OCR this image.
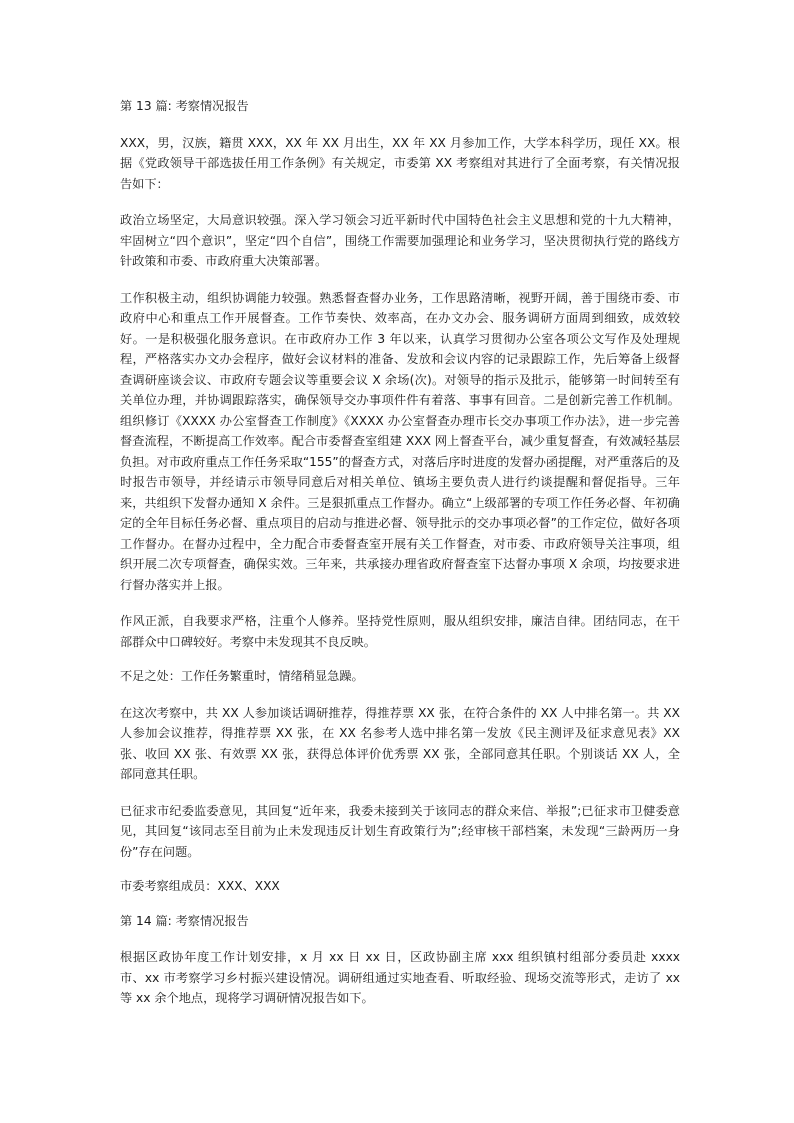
第 13 篇: 考察情况报告

XXX，男，汉族，籍贯 XXX，XX 年 XX 月出生，XX 年 XX 月参加工作，大学本科学历，现任 XX。根据《党政领导干部选拔任用工作条例》有关规定，市委第 XX 考察组对其进行了全面考察，有关情况报告如下：

政治立场坚定，大局意识较强。深入学习领会习近平新时代中国特色社会主义思想和党的十九大精神，牢固树立“四个意识”，坚定“四个自信”，围绕工作需要加强理论和业务学习，坚决贯彻执行党的路线方针政策和市委、市政府重大决策部署。

工作积极主动，组织协调能力较强。熟悉督查督办业务，工作思路清晰，视野开阔，善于围绕市委、市政府中心和重点工作开展督查。工作节奏快、效率高，在办文办会、服务调研方面周到细致，成效较好。一是积极强化服务意识。在市政府办工作 3 年以来，认真学习贯彻办公室各项公文写作及处理规程，严格落实办文办会程序，做好会议材料的准备、发放和会议内容的记录跟踪工作，先后筹备上级督查调研座谈会议、市政府专题会议等重要会议 X 余场(次)。对领导的指示及批示，能够第一时间转至有关单位办理，并协调跟踪落实，确保领导交办事项件件有着落、事事有回音。二是创新完善工作机制。组织修订《XXXX 办公室督查工作制度》《XXXX 办公室督查办理市长交办事项工作办法》，进一步完善督查流程，不断提高工作效率。配合市委督查室组建 XXX 网上督查平台，减少重复督查，有效减轻基层负担。对市政府重点工作任务采取“155”的督查方式，对落后序时进度的发督办函提醒，对严重落后的及时报告市领导，并经请示市领导同意后对相关单位、镇场主要负责人进行约谈提醒和督促指导。三年来，共组织下发督办通知 X 余件。三是狠抓重点工作督办。确立“上级部署的专项工作任务必督、年初确定的全年目标任务必督、重点项目的启动与推进必督、领导批示的交办事项必督”的工作定位，做好各项工作督办。在督办过程中，全力配合市委督查室开展有关工作督查，对市委、市政府领导关注事项，组织开展二次专项督查，确保实效。三年来，共承接办理省政府督查室下达督办事项 X 余项，均按要求进行督办落实并上报。

作风正派，自我要求严格，注重个人修养。坚持党性原则，服从组织安排，廉洁自律。团结同志，在干部群众中口碑较好。考察中未发现其不良反映。

不足之处：工作任务繁重时，情绪稍显急躁。

在这次考察中，共 XX 人参加谈话调研推荐，得推荐票 XX 张，在符合条件的 XX 人中排名第一。共 XX 人参加会议推荐，得推荐票 XX 张，在 XX 名参考人选中排名第一发放《民主测评及征求意见表》XX 张、收回 XX 张、有效票 XX 张，获得总体评价优秀票 XX 张，全部同意其任职。个别谈话 XX 人，全部同意其任职。

已征求市纪委监委意见，其回复“近年来，我委未接到关于该同志的群众来信、举报”;已征求市卫健委意见，其回复“该同志至目前为止未发现违反计划生育政策行为”;经审核干部档案，未发现“三龄两历一身份”存在问题。

市委考察组成员：XXX、XXX

第 14 篇: 考察情况报告

根据区政协年度工作计划安排，x 月 xx 日 xx 日，区政协副主席 xxx 组织镇村组部分委员赴 xxxx 市、xx 市考察学习乡村振兴建设情况。调研组通过实地查看、听取经验、现场交流等形式，走访了 xx 等 xx 余个地点，现将学习调研情况报告如下。
